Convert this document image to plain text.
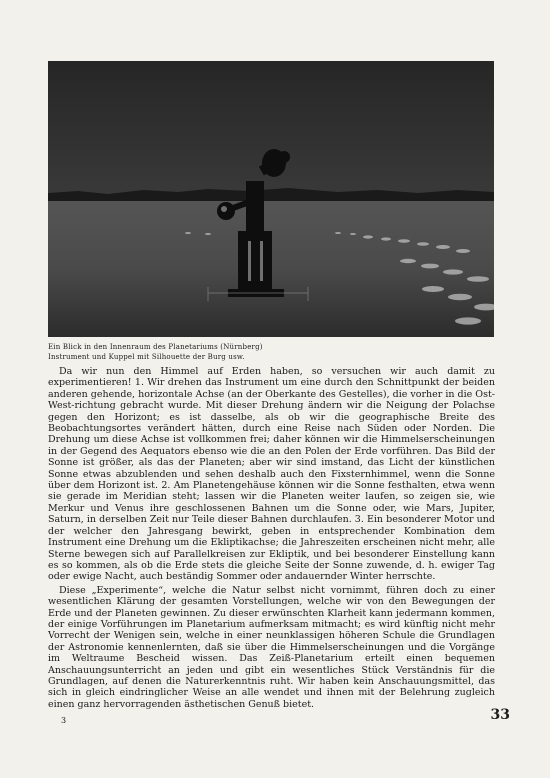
Ein Blick in den Innenraum des Planetariums (Nürnberg)

Instrument und Kuppel mit Silhouette der Burg usw.

Da wir nun den Himmel auf Erden haben, so versuchen wir auch damit zu experimentieren! 1. Wir drehen das Instrument um eine durch den Schnittpunkt der beiden anderen gehende, horizontale Achse (an der Oberkante des Gestelles), die vorher in die Ost-West-richtung gebracht wurde. Mit dieser Drehung ändern wir die Neigung der Polachse gegen den Horizont; es ist dasselbe, als ob wir die geographische Breite des Beobachtungsortes verändert hätten, durch eine Reise nach Süden oder Norden. Die Drehung um diese Achse ist vollkommen frei; daher können wir die Himmelserscheinungen in der Gegend des Aequators ebenso wie die an den Polen der Erde vorführen. Das Bild der Sonne ist größer, als das der Planeten; aber wir sind imstand, das Licht der künstlichen Sonne etwas abzublenden und sehen deshalb auch den Fixsternhimmel, wenn die Sonne über dem Horizont ist. 2. Am Planetengehäuse können wir die Sonne festhalten, etwa wenn sie gerade im Meridian steht; lassen wir die Planeten weiter laufen, so zeigen sie, wie Merkur und Venus ihre geschlossenen Bahnen um die Sonne oder, wie Mars, Jupiter, Saturn, in derselben Zeit nur Teile dieser Bahnen durchlaufen. 3. Ein besonderer Motor und der welcher den Jahresgang bewirkt, geben in entsprechender Kombination dem Instrument eine Drehung um die Ekliptikachse; die Jahreszeiten erscheinen nicht mehr, alle Sterne bewegen sich auf Parallelkreisen zur Ekliptik, und bei besonderer Einstellung kann es so kommen, als ob die Erde stets die gleiche Seite der Sonne zuwende, d. h. ewiger Tag oder ewige Nacht, auch beständig Sommer oder andauernder Winter herrschte.

Diese „Experimente“, welche die Natur selbst nicht vornimmt, führen doch zu einer wesentlichen Klärung der gesamten Vorstellungen, welche wir von den Bewegungen der Erde und der Planeten gewinnen. Zu dieser erwünschten Klarheit kann jedermann kommen, der einige Vorführungen im Planetarium aufmerksam mitmacht; es wird künftig nicht mehr Vorrecht der Wenigen sein, welche in einer neunklassigen höheren Schule die Grundlagen der Astronomie kennenlernten, daß sie über die Himmelserscheinungen und die Vorgänge im Weltraume Bescheid wissen. Das Zeiß-Planetarium erteilt einen bequemen Anschauungsunterricht an jeden und gibt ein wesentliches Stück Verständnis für die Grundlagen, auf denen die Naturerkenntnis ruht. Wir haben kein Anschauungsmittel, das sich in gleich eindringlicher Weise an alle wendet und ihnen mit der Belehrung zugleich einen ganz hervorragenden ästhetischen Genuß bietet.

3	33
